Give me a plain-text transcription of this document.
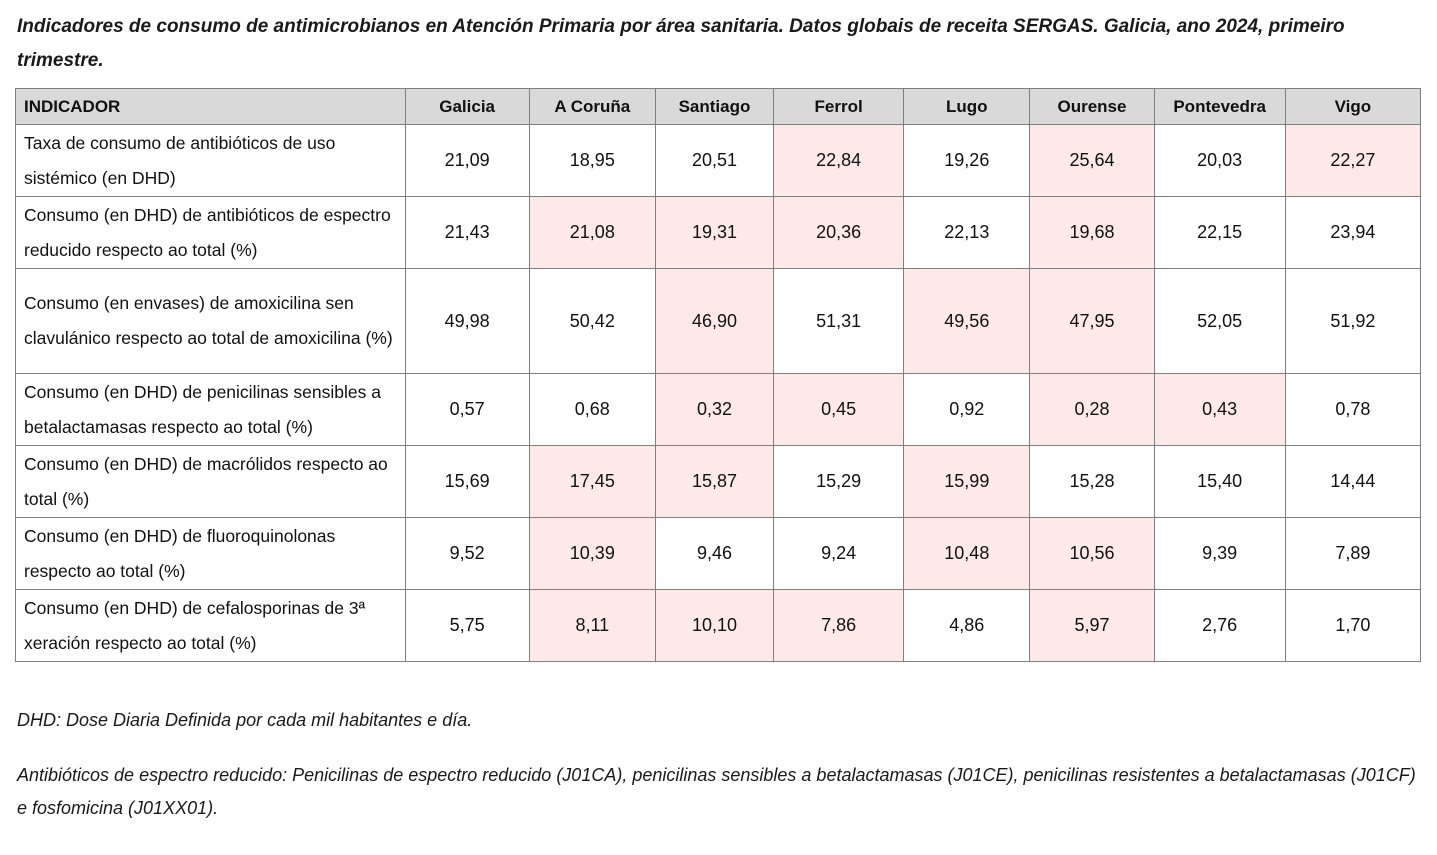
Indicadores de consumo de antimicrobianos en Atención Primaria por área sanitaria. Datos globais de receita SERGAS. Galicia, ano 2024, primeiro trimestre.
INDICADOR	Galicia	A Coruña	Santiago	Ferrol	Lugo	Ourense	Pontevedra	Vigo
Taxa de consumo de antibióticos de uso sistémico (en DHD)	21,09	18,95	20,51	22,84	19,26	25,64	20,03	22,27
Consumo (en DHD) de antibióticos de espectro reducido respecto ao total (%)	21,43	21,08	19,31	20,36	22,13	19,68	22,15	23,94
Consumo (en envases) de amoxicilina sen clavulánico respecto ao total de amoxicilina (%)	49,98	50,42	46,90	51,31	49,56	47,95	52,05	51,92
Consumo (en DHD) de penicilinas sensibles a betalactamasas respecto ao total (%)	0,57	0,68	0,32	0,45	0,92	0,28	0,43	0,78
Consumo (en DHD) de macrólidos respecto ao total (%)	15,69	17,45	15,87	15,29	15,99	15,28	15,40	14,44
Consumo (en DHD) de fluoroquinolonas respecto ao total (%)	9,52	10,39	9,46	9,24	10,48	10,56	9,39	7,89
Consumo (en DHD) de cefalosporinas de 3ª xeración respecto ao total (%)	5,75	8,11	10,10	7,86	4,86	5,97	2,76	1,70

DHD: Dose Diaria Definida por cada mil habitantes e día.

Antibióticos de espectro reducido: Penicilinas de espectro reducido (J01CA), penicilinas sensibles a betalactamasas (J01CE), penicilinas resistentes a betalactamasas (J01CF) e fosfomicina (J01XX01).
